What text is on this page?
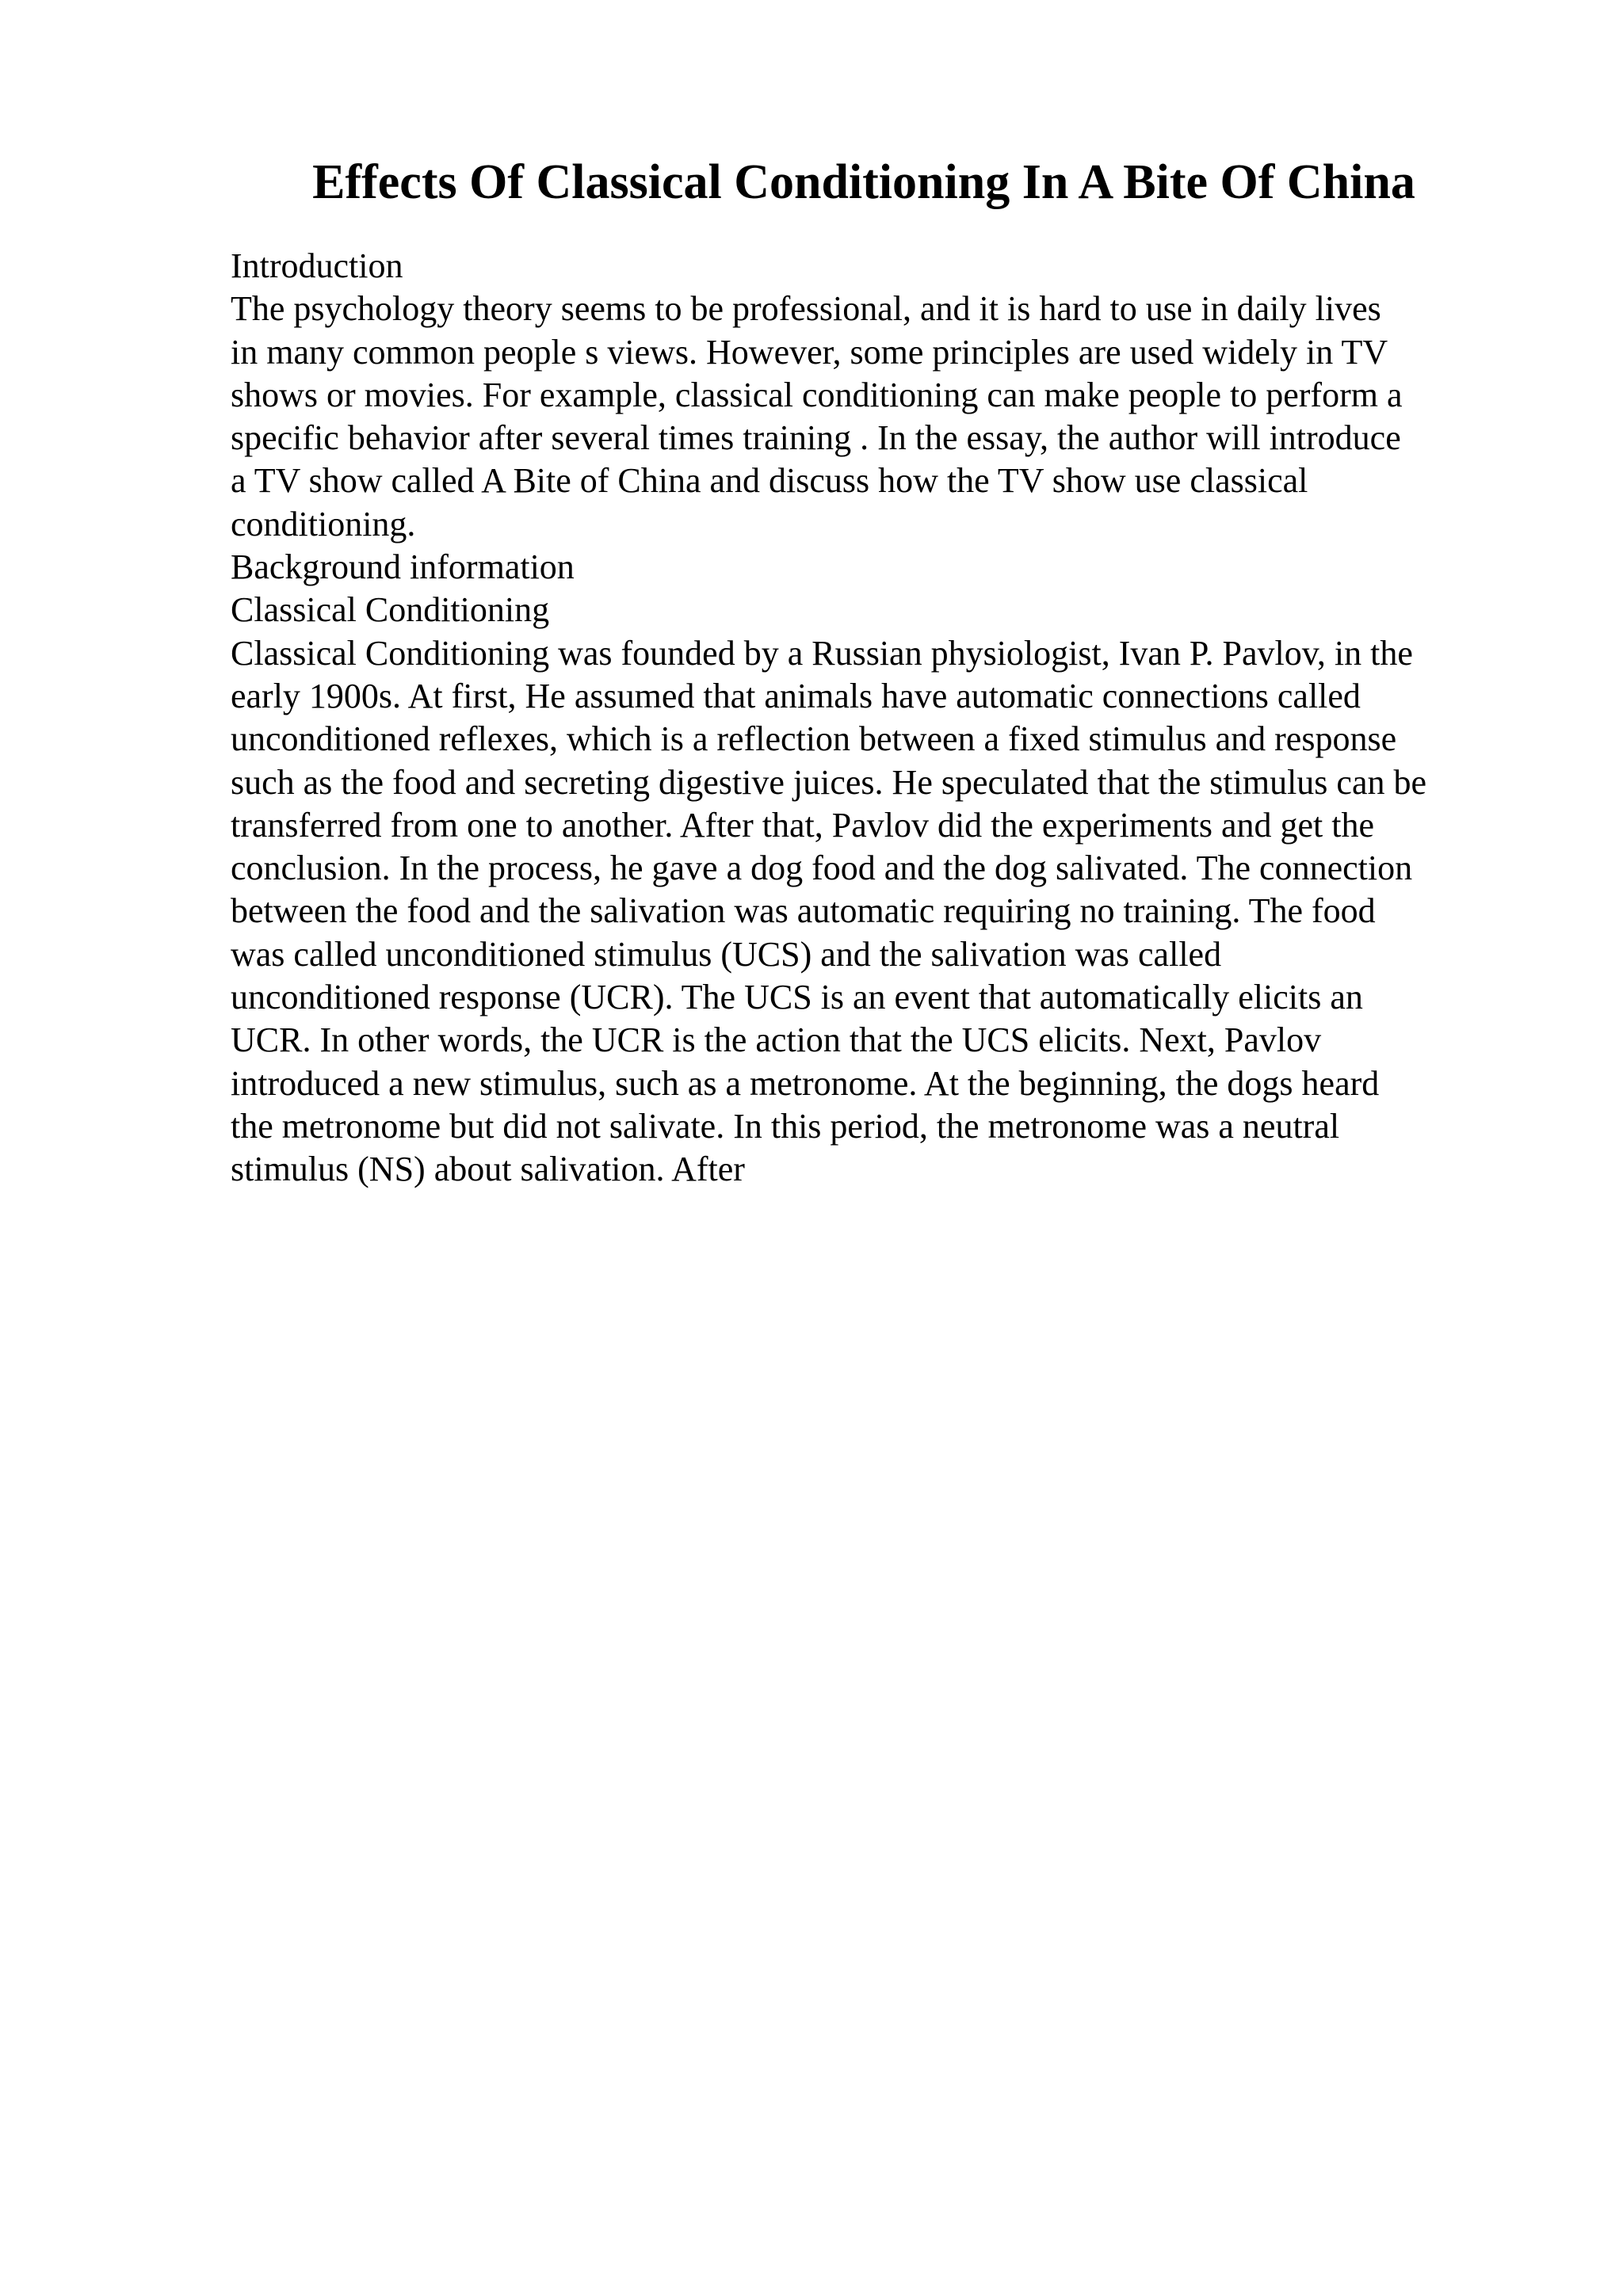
Effects Of Classical Conditioning In A Bite Of China
Introduction
The psychology theory seems to be professional, and it is hard to use in daily lives
in many common people s views. However, some principles are used widely in TV
shows or movies. For example, classical conditioning can make people to perform a
specific behavior after several times training . In the essay, the author will introduce
a TV show called A Bite of China and discuss how the TV show use classical
conditioning.
Background information
Classical Conditioning
Classical Conditioning was founded by a Russian physiologist, Ivan P. Pavlov, in the
early 1900s. At first, He assumed that animals have automatic connections called
unconditioned reflexes, which is a reflection between a fixed stimulus and response
such as the food and secreting digestive juices. He speculated that the stimulus can be
transferred from one to another. After that, Pavlov did the experiments and get the
conclusion. In the process, he gave a dog food and the dog salivated. The connection
between the food and the salivation was automatic requiring no training. The food
was called unconditioned stimulus (UCS) and the salivation was called
unconditioned response (UCR). The UCS is an event that automatically elicits an
UCR. In other words, the UCR is the action that the UCS elicits. Next, Pavlov
introduced a new stimulus, such as a metronome. At the beginning, the dogs heard
the metronome but did not salivate. In this period, the metronome was a neutral
stimulus (NS) about salivation. After
